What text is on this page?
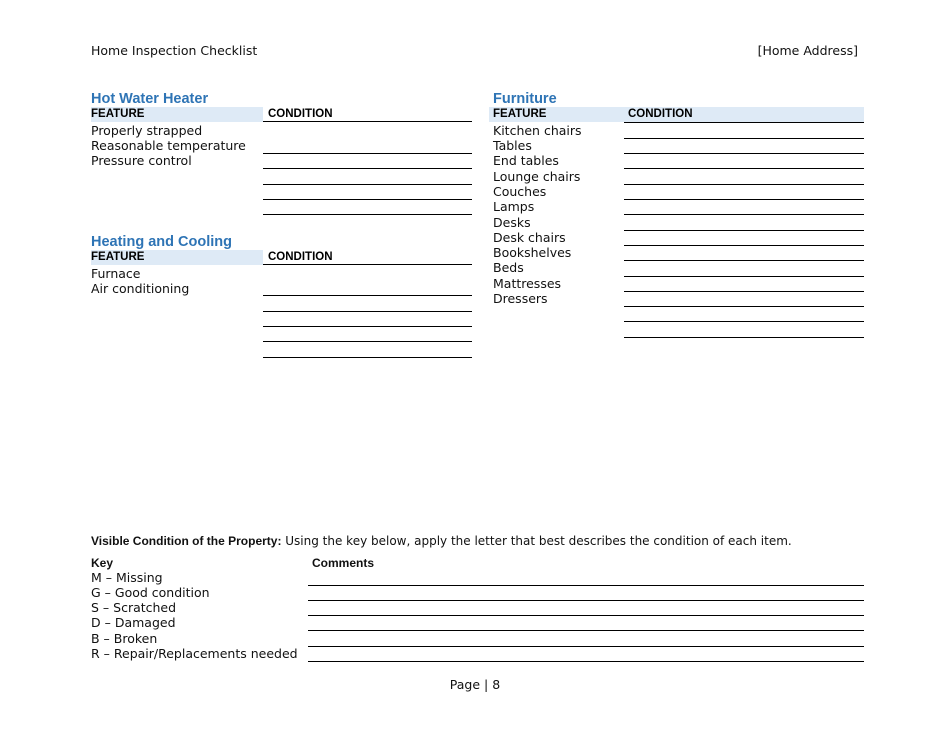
Home Inspection Checklist	[Home Address]
Hot Water Heater
FEATURE	CONDITION
Properly strapped
Reasonable temperature
Pressure control
Heating and Cooling
FEATURE	CONDITION
Furnace
Air conditioning
Furniture
FEATURE	CONDITION
Kitchen chairs
Tables
End tables
Lounge chairs
Couches
Lamps
Desks
Desk chairs
Bookshelves
Beds
Mattresses
Dressers
Visible Condition of the Property: Using the key below, apply the letter that best describes the condition of each item.
Key	Comments
M – Missing
G – Good condition
S – Scratched
D – Damaged
B – Broken
R – Repair/Replacements needed
Page | 8
